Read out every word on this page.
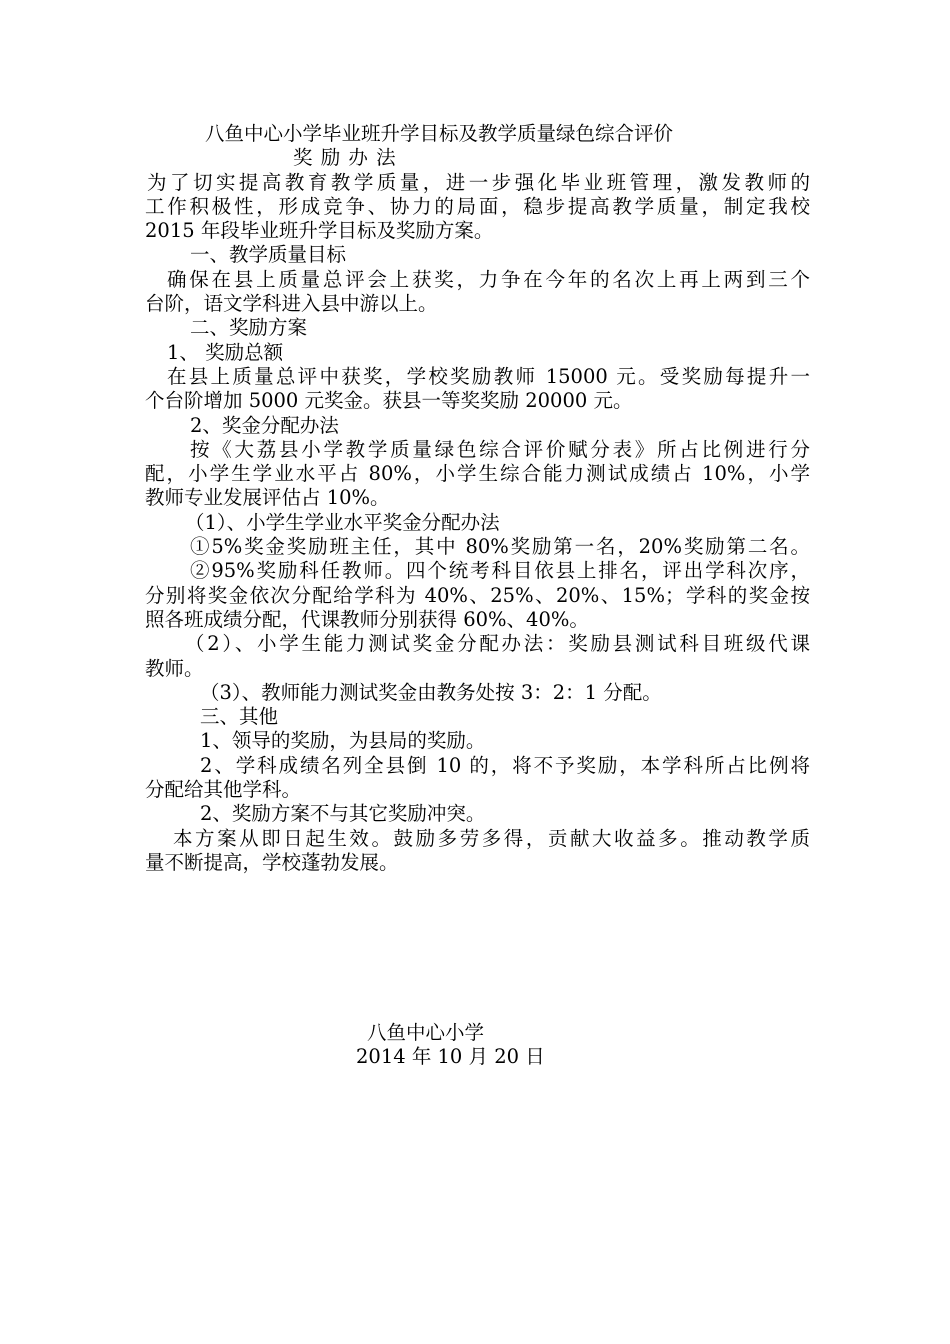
八鱼中心小学毕业班升学目标及教学质量绿色综合评价
奖 励 办 法
为了切实提高教育教学质量，进一步强化毕业班管理，激发教师的
工作积极性，形成竞争、协力的局面，稳步提高教学质量，制定我校
2015 年段毕业班升学目标及奖励方案。
一、教学质量目标
确保在县上质量总评会上获奖，力争在今年的名次上再上两到三个
台阶，语文学科进入县中游以上。
二、奖励方案
1、 奖励总额
在县上质量总评中获奖，学校奖励教师 15000 元。受奖励每提升一
个台阶增加 5000 元奖金。获县一等奖奖励 20000 元。
2、奖金分配办法
按《大荔县小学教学质量绿色综合评价赋分表》所占比例进行分
配，小学生学业水平占 80%，小学生综合能力测试成绩占 10%，小学
教师专业发展评估占 10%。
（1）、小学生学业水平奖金分配办法
①5%奖金奖励班主任，其中 80%奖励第一名，20%奖励第二名。
②95%奖励科任教师。四个统考科目依县上排名，评出学科次序，
分别将奖金依次分配给学科为 40%、25%、20%、15%；学科的奖金按
照各班成绩分配，代课教师分别获得 60%、40%。
（2）、小学生能力测试奖金分配办法：奖励县测试科目班级代课
教师。
（3）、教师能力测试奖金由教务处按 3：2：1 分配。
三、其他
1、领导的奖励，为县局的奖励。
2、学科成绩名列全县倒 10 的，将不予奖励，本学科所占比例将
分配给其他学科。
2、奖励方案不与其它奖励冲突。
本方案从即日起生效。鼓励多劳多得，贡献大收益多。推动教学质
量不断提高，学校蓬勃发展。
八鱼中心小学
2014 年 10 月 20 日
